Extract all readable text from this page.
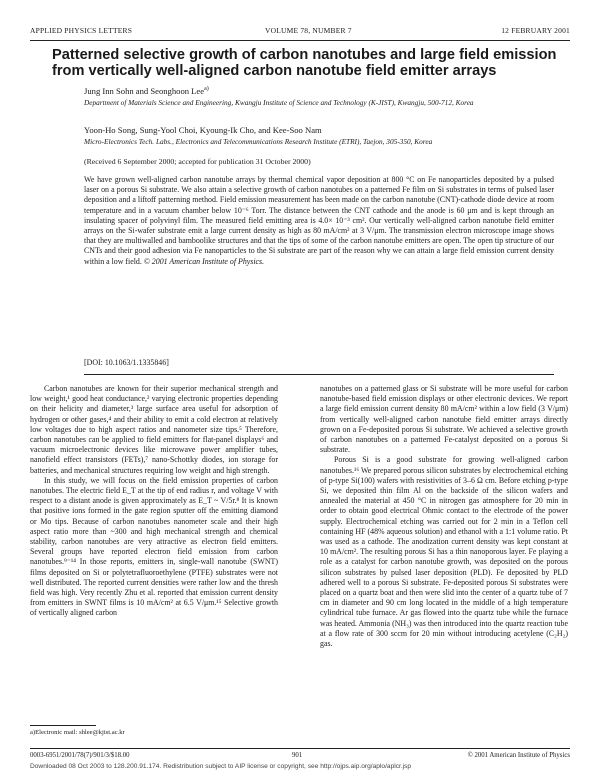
APPLIED PHYSICS LETTERS	VOLUME 78, NUMBER 7	12 FEBRUARY 2001
Patterned selective growth of carbon nanotubes and large field emission from vertically well-aligned carbon nanotube field emitter arrays

Jung Inn Sohn and Seonghoon Lee$^{a)}$

Department of Materials Science and Engineering, Kwangju Institute of Science and Technology (K-JIST), Kwangju, 500-712, Korea

Yoon-Ho Song, Sung-Yool Choi, Kyoung-Ik Cho, and Kee-Soo Nam

Micro-Electronics Tech. Labs., Electronics and Telecommunications Research Institute (ETRI), Taejon, 305-350, Korea

(Received 6 September 2000; accepted for publication 31 October 2000)

We have grown well-aligned carbon nanotube arrays by thermal chemical vapor deposition at 800 °C on Fe nanoparticles deposited by a pulsed laser on a porous Si substrate. We also attain a selective growth of carbon nanotubes on a patterned Fe film on Si substrates in terms of pulsed laser deposition and a liftoff patterning method. Field emission measurement has been made on the carbon nanotube (CNT)-cathode diode device at room temperature and in a vacuum chamber below 10⁻⁶ Torr. The distance between the CNT cathode and the anode is 60 μm and is kept through an insulating spacer of polyvinyl film. The measured field emitting area is 4.0× 10⁻³ cm². Our vertically well-aligned carbon nanotube field emitter arrays on the Si-wafer substrate emit a large current density as high as 80 mA/cm² at 3 V/μm. The transmission electron microscope image shows that they are multiwalled and bamboolike structures and that the tips of some of the carbon nanotube emitters are open. The open tip structure of our CNTs and their good adhesion via Fe nanoparticles to the Si substrate are part of the reason why we can attain a large field emission current density within a low field. © 2001 American Institute of Physics.

[DOI: 10.1063/1.1335846]

Carbon nanotubes are known for their superior mechanical strength and low weight,¹ good heat conductance,² varying electronic properties depending on their helicity and diameter,³ large surface area useful for adsorption of hydrogen or other gases,⁴ and their ability to emit a cold electron at relatively low voltages due to high aspect ratios and nanometer size tips.⁵ Therefore, carbon nanotubes can be applied to field emitters for flat-panel displays⁶ and vacuum microelectronic devices like microwave power amplifier tubes, nanofield effect transistors (FETs),⁷ nano-Schottky diodes, ion storage for batteries, and mechanical structures requiring low weight and high strength.

In this study, we will focus on the field emission properties of carbon nanotubes. The electric field E_T at the tip of end radius r, and voltage V with respect to a distant anode is given approximately as E_T ~ V/5r.⁸ It is known that positive ions formed in the gate region sputter off the emitting diamond or Mo tips. Because of carbon nanotubes nanometer scale and their high aspect ratio more than ~300 and high mechanical strength and chemical stability, carbon nanotubes are very attractive as electron field emitters. Several groups have reported electron field emission from carbon nanotubes.⁹⁻¹⁴ In those reports, emitters in, single-wall nanotube (SWNT) films deposited on Si or polytetrafluoroethylene (PTFE) substrates were not well distributed. The reported current densities were rather low and the thresh field was high. Very recently Zhu et al. reported that emission current density from emitters in SWNT films is 10 mA/cm² at 6.5 V/μm.¹⁵ Selective growth of vertically aligned carbon

nanotubes on a patterned glass or Si substrate will be more useful for carbon nanotube-based field emission displays or other electronic devices. We report a large field emission current density 80 mA/cm² within a low field (3 V/μm) from vertically well-aligned carbon nanotube field emitter arrays directly grown on a Fe-deposited porous Si substrate. We achieved a selective growth of carbon nanotubes on a patterned Fe-catalyst deposited on a porous Si substrate.

Porous Si is a good substrate for growing well-aligned carbon nanotubes.¹⁶ We prepared porous silicon substrates by electrochemical etching of p-type Si(100) wafers with resistivities of 3–6 Ω cm. Before etching p-type Si, we deposited thin film Al on the backside of the silicon wafers and annealed the material at 450 °C in nitrogen gas atmosphere for 20 min in order to obtain good electrical Ohmic contact to the electrode of the power supply. Electrochemical etching was carried out for 2 min in a Teflon cell containing HF (48% aqueous solution) and ethanol with a 1:1 volume ratio. Pt was used as a cathode. The anodization current density was kept constant at 10 mA/cm². The resulting porous Si has a thin nanoporous layer. Fe playing a role as a catalyst for carbon nanotube growth, was deposited on the porous silicon substrates by pulsed laser deposition (PLD). Fe deposited by PLD adhered well to a porous Si substrate. Fe-deposited porous Si substrates were placed on a quartz boat and then were slid into the center of a quartz tube of 7 cm in diameter and 90 cm long located in the middle of a high temperature cylindrical tube furnace. Ar gas flowed into the quartz tube while the furnace was heated. Ammonia (NH₃) was then introduced into the quartz reaction tube at a flow rate of 300 sccm for 20 min without introducing acetylene (C₂H₂) gas.

a)Electronic mail: shlee@kjist.ac.kr

0003-6951/2001/78(7)/901/3/$18.00	901	© 2001 American Institute of Physics

Downloaded 08 Oct 2003 to 128.200.91.174. Redistribution subject to AIP license or copyright, see http://ojps.aip.org/aplo/aplcr.jsp
